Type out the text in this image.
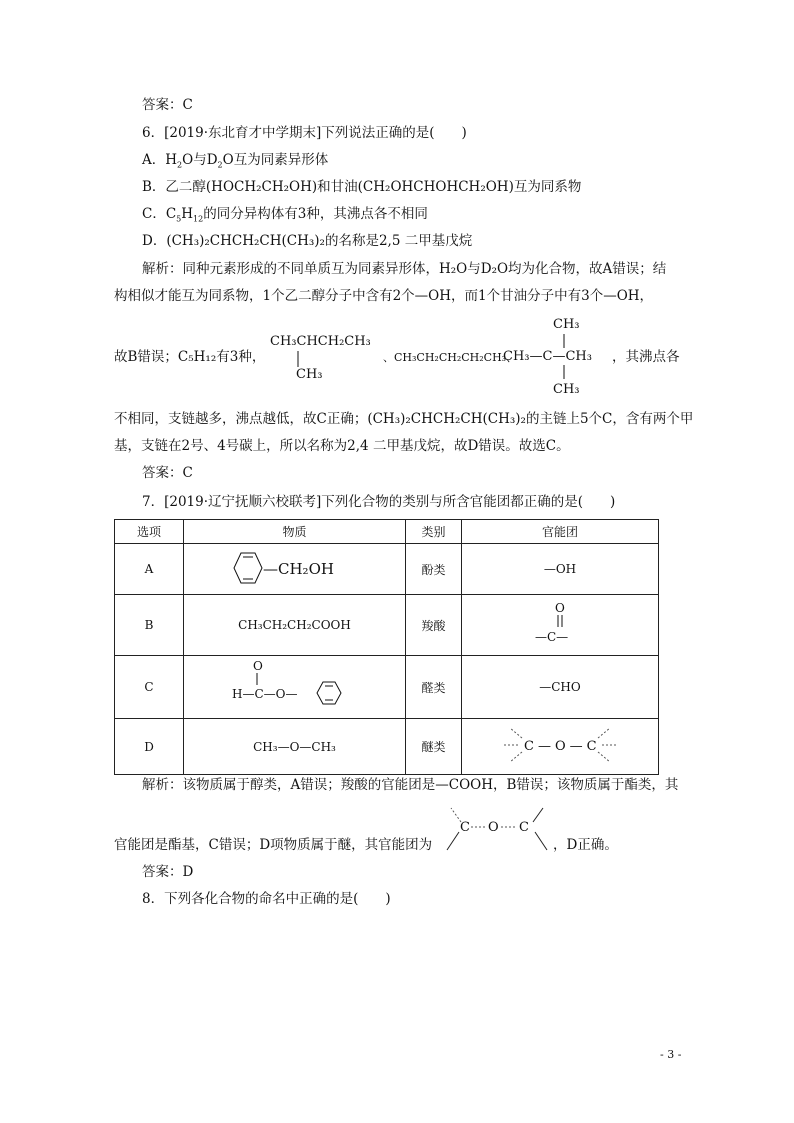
答案：C
6．[2019·东北育才中学期末]下列说法正确的是(　　)
A．$H_2O$与$D_2O$互为同素异形体
B．乙二醇(HOCH₂CH₂OH)和甘油(CH₂OHCHOHCH₂OH)互为同系物
C．$C_5H_{12}$的同分异构体有3种，其沸点各不相同
D．(CH₃)₂CHCH₂CH(CH₃)₂的名称是2,5 二甲基戊烷
解析：同种元素形成的不同单质互为同素异形体，H₂O与D₂O均为化合物，故A错误；结
构相似才能互为同系物，1个乙二醇分子中含有2个—OH，而1个甘油分子中有3个—OH，
故B错误；C₅H₁₂有3种，
CH₃CHCH₂CH₃
CH₃
、CH₃CH₂CH₂CH₂CH₃、
CH₃
CH₃—C—CH₃
CH₃
，其沸点各
不相同，支链越多，沸点越低，故C正确；(CH₃)₂CHCH₂CH(CH₃)₂的主链上5个C，含有两个甲
基，支链在2号、4号碳上，所以名称为2,4 二甲基戊烷，故D错误。故选C。
答案：C
7．[2019·辽宁抚顺六校联考]下列化合物的类别与所含官能团都正确的是(　　)
选项	物质	类别	官能团
A	—CH₂OH	酚类	—OH
B	CH₃CH₂CH₂COOH	羧酸	O
—C—

C	O
H—C—O—	醛类	—CHO
D	CH₃—O—CH₃	醚类	C—O—C
解析：该物质属于醇类，A错误；羧酸的官能团是—COOH，B错误；该物质属于酯类，其
官能团是酯基，C错误；D项物质属于醚，其官能团为
C O C
，D正确。
答案：D
8．下列各化合物的命名中正确的是(　　)
- 3 -
